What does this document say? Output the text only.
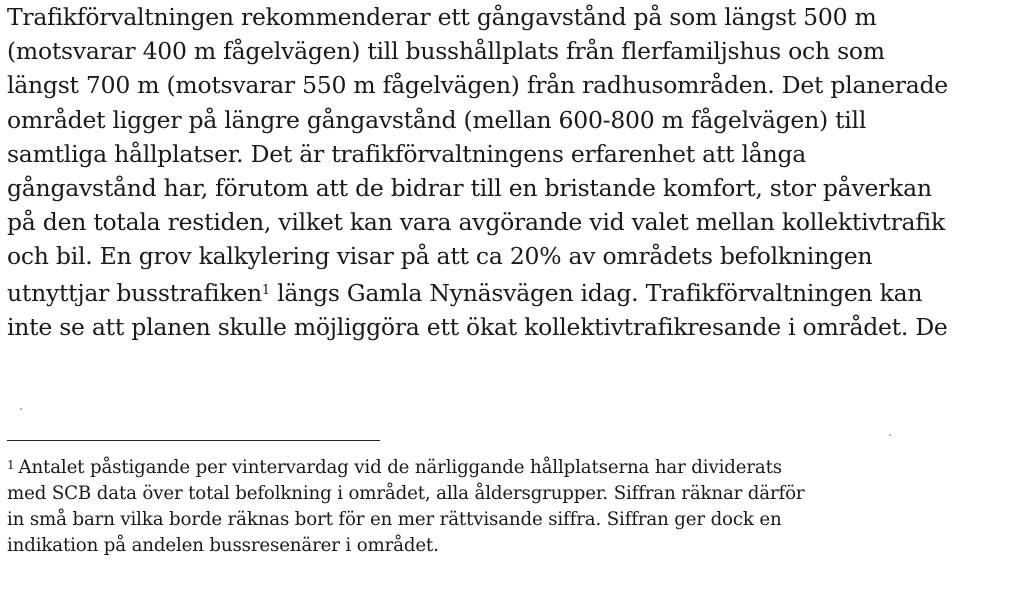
Trafikförvaltningen rekommenderar ett gångavstånd på som längst 500 m
(motsvarar 400 m fågelvägen) till busshållplats från flerfamiljshus och som
längst 700 m (motsvarar 550 m fågelvägen) från radhusområden. Det planerade
området ligger på längre gångavstånd (mellan 600-800 m fågelvägen) till
samtliga hållplatser. Det är trafikförvaltningens erfarenhet att långa
gångavstånd har, förutom att de bidrar till en bristande komfort, stor påverkan
på den totala restiden, vilket kan vara avgörande vid valet mellan kollektivtrafik
och bil. En grov kalkylering visar på att ca 20% av områdets befolkningen
utnyttjar busstrafiken$^1$ längs Gamla Nynäsvägen idag. Trafikförvaltningen kan
inte se att planen skulle möjliggöra ett ökat kollektivtrafikresande i området. De
$^1$ Antalet påstigande per vintervardag vid de närliggande hållplatserna har dividerats
med SCB data över total befolkning i området, alla åldersgrupper. Siffran räknar därför
in små barn vilka borde räknas bort för en mer rättvisande siffra. Siffran ger dock en
indikation på andelen bussresenärer i området.
